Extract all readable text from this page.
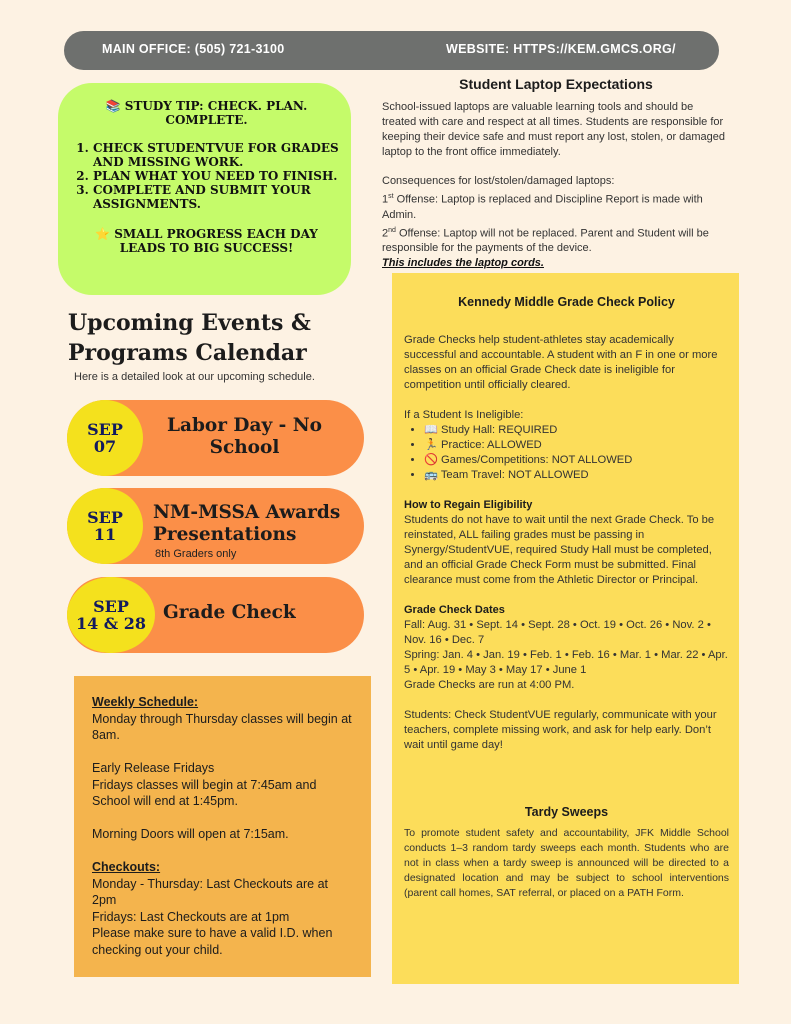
MAIN OFFICE: (505) 721-3100	WEBSITE: HTTPS://KEM.GMCS.ORG/
📚 STUDY TIP: CHECK. PLAN. COMPLETE.
1. CHECK STUDENTVUE FOR GRADES AND MISSING WORK.
2. PLAN WHAT YOU NEED TO FINISH.
3. COMPLETE AND SUBMIT YOUR ASSIGNMENTS.
⭐ SMALL PROGRESS EACH DAY LEADS TO BIG SUCCESS!
Upcoming Events & Programs Calendar
Here is a detailed look at our upcoming schedule.
SEP
07
Labor Day - No School
SEP
11
NM-MSSA Awards Presentations
8th Graders only
SEP
14 & 28
Grade Check

Weekly Schedule:

Monday through Thursday classes will begin at 8am.

Early Release Fridays

Fridays classes will begin at 7:45am and School will end at 1:45pm.

Morning Doors will open at 7:15am.

Checkouts:

Monday - Thursday: Last Checkouts are at 2pm

Fridays: Last Checkouts are at 1pm

Please make sure to have a valid I.D. when checking out your child.

Student Laptop Expectations

School-issued laptops are valuable learning tools and should be treated with care and respect at all times. Students are responsible for keeping their device safe and must report any lost, stolen, or damaged laptop to the front office immediately.

Consequences for lost/stolen/damaged laptops:

1st Offense: Laptop is replaced and Discipline Report is made with Admin.

2nd Offense: Laptop will not be replaced. Parent and Student will be responsible for the payments of the device.

This includes the laptop cords.

Kennedy Middle Grade Check Policy

Grade Checks help student-athletes stay academically successful and accountable. A student with an F in one or more classes on an official Grade Check date is ineligible for competition until officially cleared.

If a Student Is Ineligible:

• 📖 Study Hall: REQUIRED
• 🏃 Practice: ALLOWED
• 🚫 Games/Competitions: NOT ALLOWED
• 🚌 Team Travel: NOT ALLOWED
How to Regain Eligibility

Students do not have to wait until the next Grade Check. To be reinstated, ALL failing grades must be passing in Synergy/StudentVUE, required Study Hall must be completed, and an official Grade Check Form must be submitted. Final clearance must come from the Athletic Director or Principal.

Grade Check Dates

Fall: Aug. 31 • Sept. 14 • Sept. 28 • Oct. 19 • Oct. 26 • Nov. 2 • Nov. 16 • Dec. 7

Spring: Jan. 4 • Jan. 19 • Feb. 1 • Feb. 16 • Mar. 1 • Mar. 22 • Apr. 5 • Apr. 19 • May 3 • May 17 • June 1

Grade Checks are run at 4:00 PM.

Students: Check StudentVUE regularly, communicate with your teachers, complete missing work, and ask for help early. Don’t wait until game day!

Tardy Sweeps

To promote student safety and accountability, JFK Middle School conducts 1–3 random tardy sweeps each month. Students who are not in class when a tardy sweep is announced will be directed to a designated location and may be subject to school interventions (parent call homes, SAT referral, or placed on a PATH Form.
